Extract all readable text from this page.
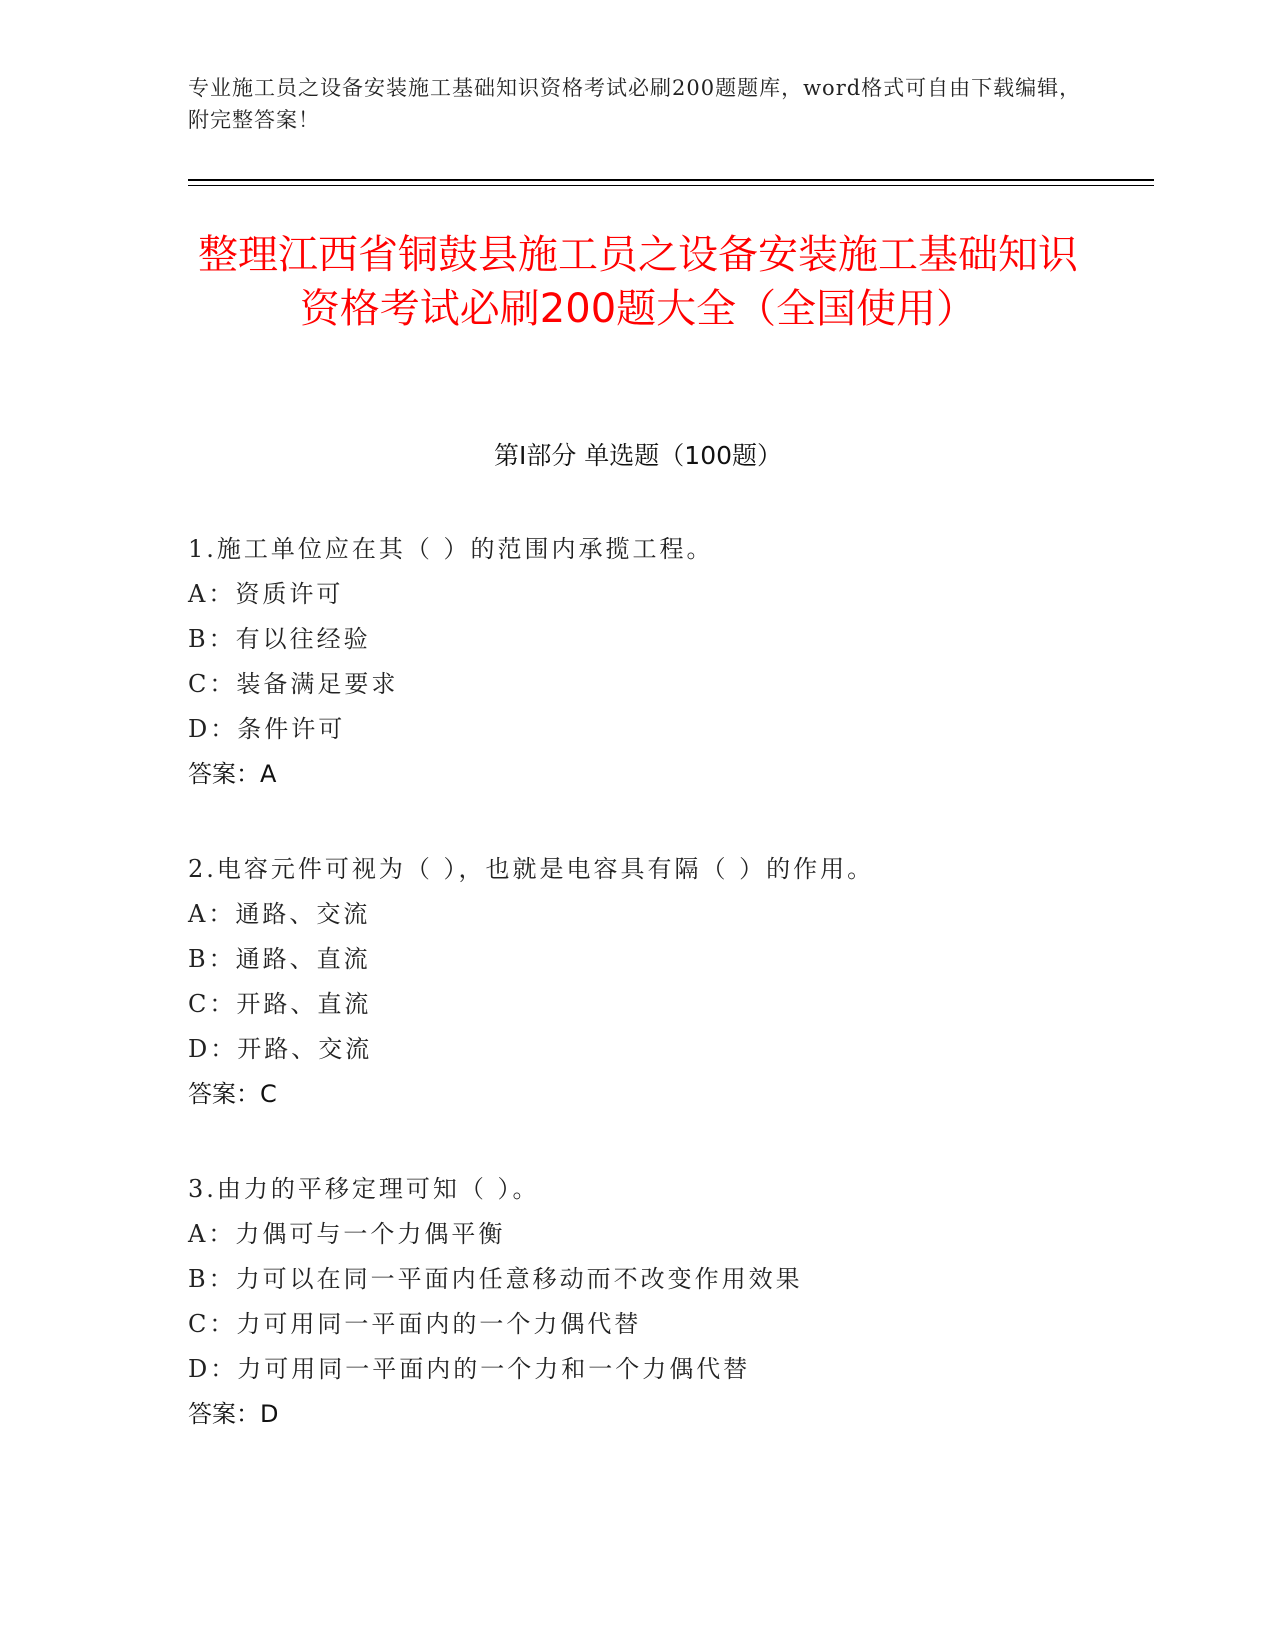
专业施工员之设备安装施工基础知识资格考试必刷200题题库，word格式可自由下载编辑，附完整答案！
整理江西省铜鼓县施工员之设备安装施工基础知识资格考试必刷200题大全（全国使用）
第Ⅰ部分 单选题（100题）
1.施工单位应在其（ ）的范围内承揽工程。
A：资质许可
B：有以往经验
C：装备满足要求
D：条件许可
答案：A
2.电容元件可视为（ ），也就是电容具有隔（ ）的作用。
A：通路、交流
B：通路、直流
C：开路、直流
D：开路、交流
答案：C
3.由力的平移定理可知（ ）。
A：力偶可与一个力偶平衡
B：力可以在同一平面内任意移动而不改变作用效果
C：力可用同一平面内的一个力偶代替
D：力可用同一平面内的一个力和一个力偶代替
答案：D
